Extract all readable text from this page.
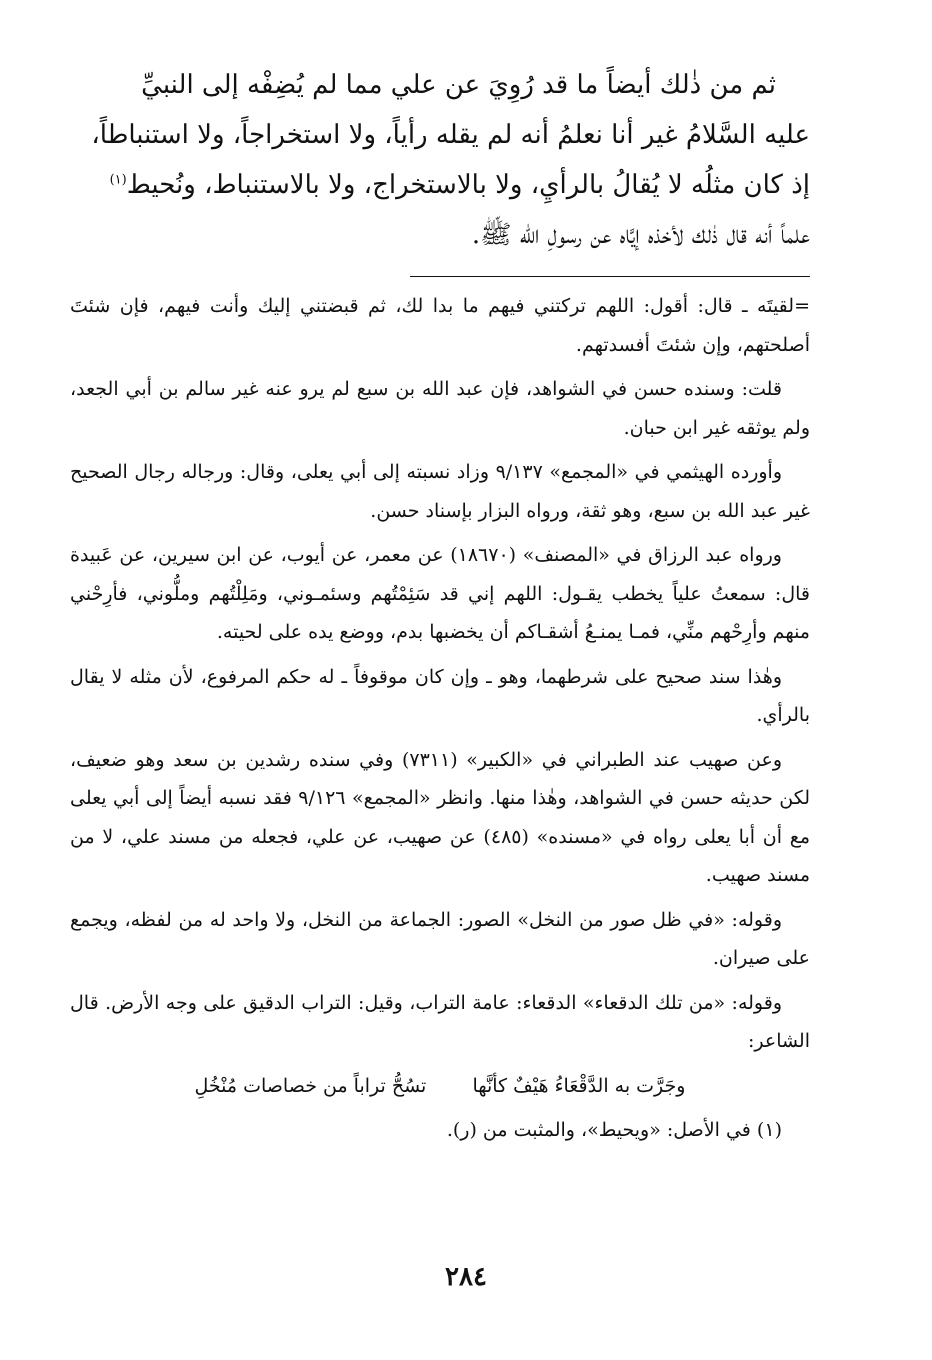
ثم من ذٰلك أيضاً ما قد رُوِيَ عن علي مما لم يُضِفْه إلى النبيِّ

عليه السَّلامُ غير أنا نعلمُ أنه لم يقله رأياً، ولا استخراجاً، ولا استنباطاً،

إذ كان مثلُه لا يُقالُ بالرأيِ، ولا بالاستخراج، ولا بالاستنباط، ونُحيط$^{(١)}$

علماً أنه قال ذٰلك لأخذه إيَّاه عن رسولِ الله ﷺ.

=لقيتَه ـ قال: أقول: اللهم تركتني فيهم ما بدا لك، ثم قبضتني إليك وأنت فيهم، فإن شئتَ أصلحتهم، وإن شئتَ أفسدتهم.

قلت: وسنده حسن في الشواهد، فإن عبد الله بن سبع لم يرو عنه غير سالم بن أبي الجعد، ولم يوثقه غير ابن حبان.

وأورده الهيثمي في «المجمع» ٩/١٣٧ وزاد نسبته إلى أبي يعلى، وقال: ورجاله رجال الصحيح غير عبد الله بن سبع، وهو ثقة، ورواه البزار بإسناد حسن.

ورواه عبد الرزاق في «المصنف» (١٨٦٧٠) عن معمر، عن أيوب، عن ابن سيرين، عن عَبيدة قال: سمعتُ علياً يخطب يقـول: اللهم إني قد سَئِمْتُهم وسئمـوني، ومَلِلْتُهم وملُّوني، فأرِحْني منهم وأرِحْهم منِّي، فمـا يمنـعُ أشقـاكم أن يخضبها بدم، ووضع يده على لحيته.

وهٰذا سند صحيح على شرطهما، وهو ـ وإن كان موقوفاً ـ له حكم المرفوع، لأن مثله لا يقال بالرأي.

وعن صهيب عند الطبراني في «الكبير» (٧٣١١) وفي سنده رشدين بن سعد وهو ضعيف، لكن حديثه حسن في الشواهد، وهٰذا منها. وانظر «المجمع» ٩/١٢٦ فقد نسبه أيضاً إلى أبي يعلى مع أن أبا يعلى رواه في «مسنده» (٤٨٥) عن صهيب، عن علي، فجعله من مسند علي، لا من مسند صهيب.

وقوله: «في ظل صور من النخل» الصور: الجماعة من النخل، ولا واحد له من لفظه، ويجمع على صيران.

وقوله: «من تلك الدقعاء» الدقعاء: عامة التراب، وقيل: التراب الدقيق على وجه الأرض. قال الشاعر:

وجَرَّت به الدَّقْعَاءُ هَيْفٌ كأنَّها  تسُحُّ تراباً من خصاصات مُنْخُلِ

(١) في الأصل: «ويحيط»، والمثبت من (ر).

٢٨٤
